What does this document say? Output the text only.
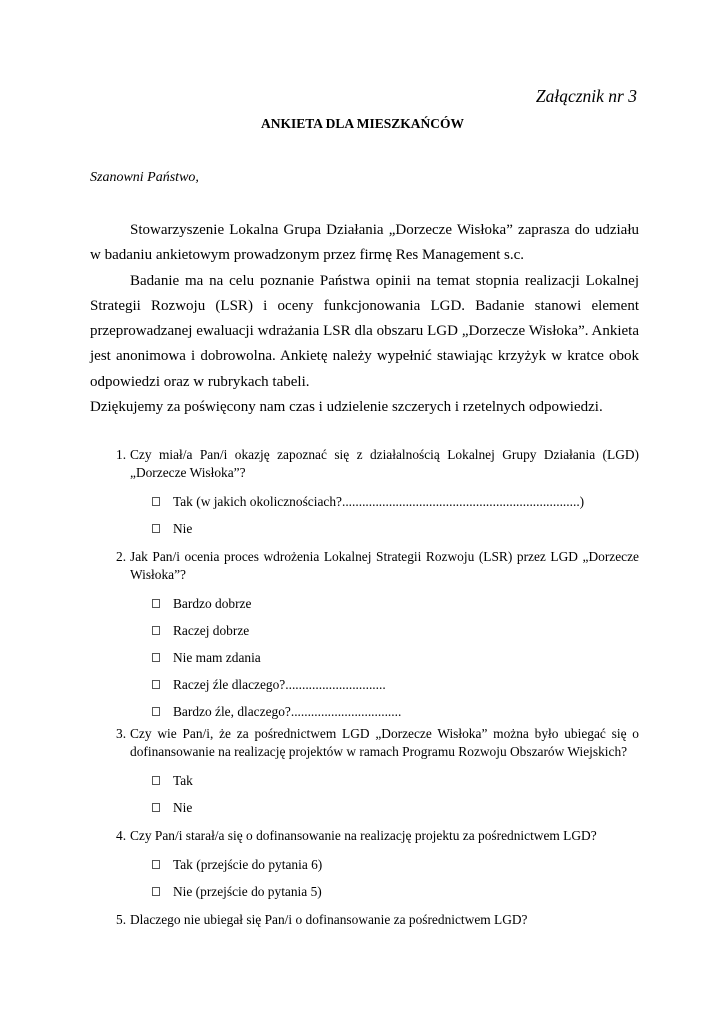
Załącznik nr 3
ANKIETA DLA MIESZKAŃCÓW
Szanowni Państwo,

Stowarzyszenie Lokalna Grupa Działania „Dorzecze Wisłoka” zaprasza do udziału w badaniu ankietowym prowadzonym przez firmę Res Management s.c.

Badanie ma na celu poznanie Państwa opinii na temat stopnia realizacji Lokalnej Strategii Rozwoju (LSR) i oceny funkcjonowania LGD. Badanie stanowi element przeprowadzanej ewaluacji wdrażania LSR dla obszaru LGD „Dorzecze Wisłoka”. Ankieta jest anonimowa i dobrowolna. Ankietę należy wypełnić stawiając krzyżyk w kratce obok odpowiedzi oraz w rubrykach tabeli.

Dziękujemy za poświęcony nam czas i udzielenie szczerych i rzetelnych odpowiedzi.

1. Czy miał/a Pan/i okazję zapoznać się z działalnością Lokalnej Grupy Działania (LGD) „Dorzecze Wisłoka”?
Tak (w jakich okolicznościach?.......................................................................)
Nie
2. Jak Pan/i ocenia proces wdrożenia Lokalnej Strategii Rozwoju (LSR) przez LGD „Dorzecze Wisłoka”?
Bardzo dobrze
Raczej dobrze
Nie mam zdania
Raczej źle dlaczego?..............................
Bardzo źle, dlaczego?.................................
3. Czy wie Pan/i, że za pośrednictwem LGD „Dorzecze Wisłoka” można było ubiegać się o dofinansowanie na realizację projektów w ramach Programu Rozwoju Obszarów Wiejskich?
Tak
Nie
4. Czy Pan/i starał/a się o dofinansowanie na realizację projektu za pośrednictwem LGD?
Tak (przejście do pytania 6)
Nie (przejście do pytania 5)
5. Dlaczego nie ubiegał się Pan/i o dofinansowanie za pośrednictwem LGD?
